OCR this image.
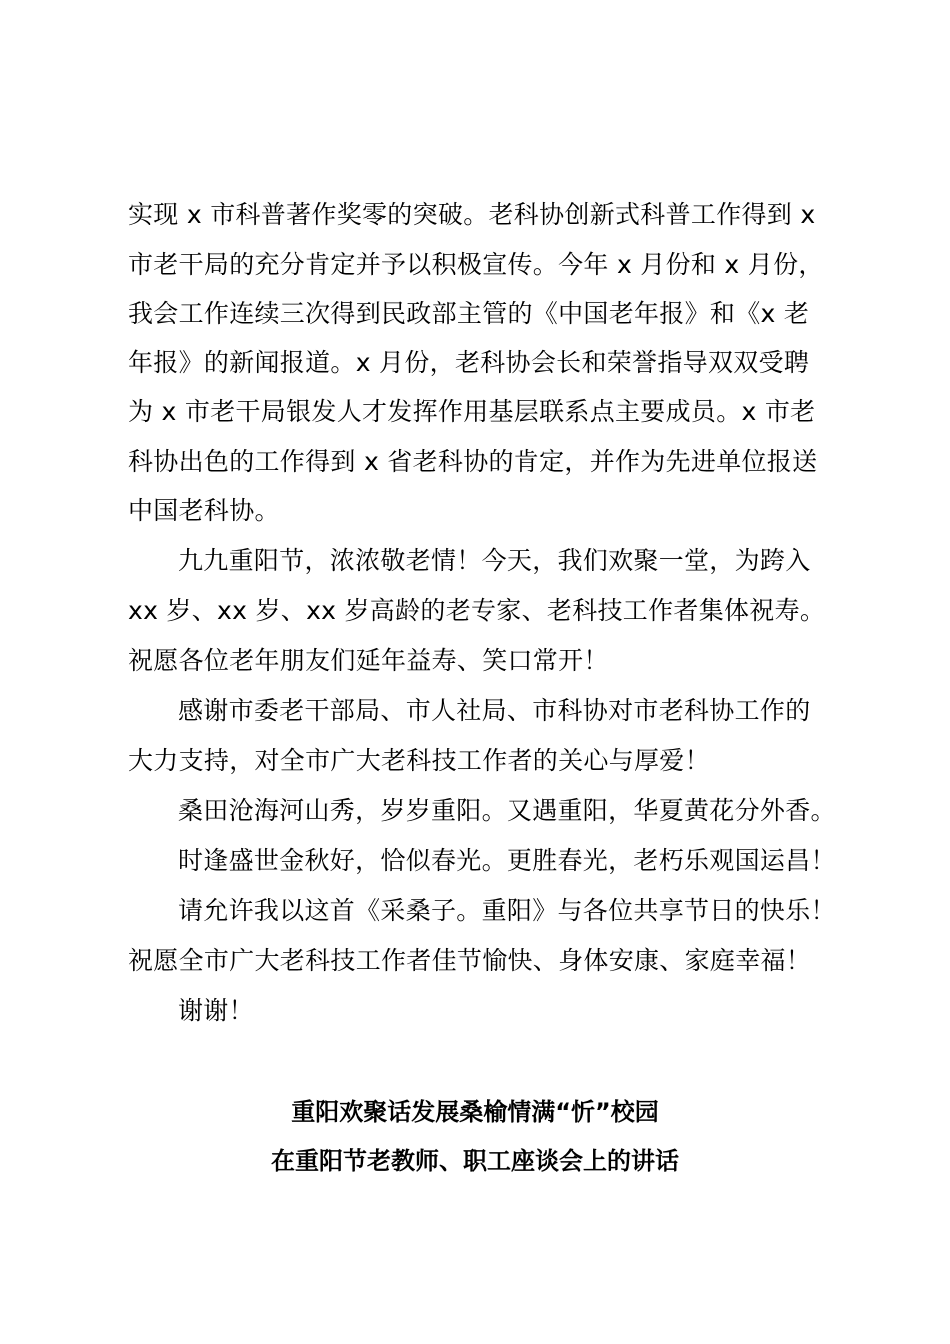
实现 x 市科普著作奖零的突破。老科协创新式科普工作得到 x
市老干局的充分肯定并予以积极宣传。今年 x 月份和 x 月份，
我会工作连续三次得到民政部主管的《中国老年报》和《x 老
年报》的新闻报道。x 月份，老科协会长和荣誉指导双双受聘
为 x 市老干局银发人才发挥作用基层联系点主要成员。x 市老
科协出色的工作得到 x 省老科协的肯定，并作为先进单位报送
中国老科协。
九九重阳节，浓浓敬老情！今天，我们欢聚一堂，为跨入
xx 岁、xx 岁、xx 岁高龄的老专家、老科技工作者集体祝寿。
祝愿各位老年朋友们延年益寿、笑口常开！
感谢市委老干部局、市人社局、市科协对市老科协工作的
大力支持，对全市广大老科技工作者的关心与厚爱！
桑田沧海河山秀，岁岁重阳。又遇重阳，华夏黄花分外香。
时逢盛世金秋好，恰似春光。更胜春光，老朽乐观国运昌！
请允许我以这首《采桑子。重阳》与各位共享节日的快乐！
祝愿全市广大老科技工作者佳节愉快、身体安康、家庭幸福！
谢谢！
重阳欢聚话发展桑榆情满“忻”校园
在重阳节老教师、职工座谈会上的讲话
